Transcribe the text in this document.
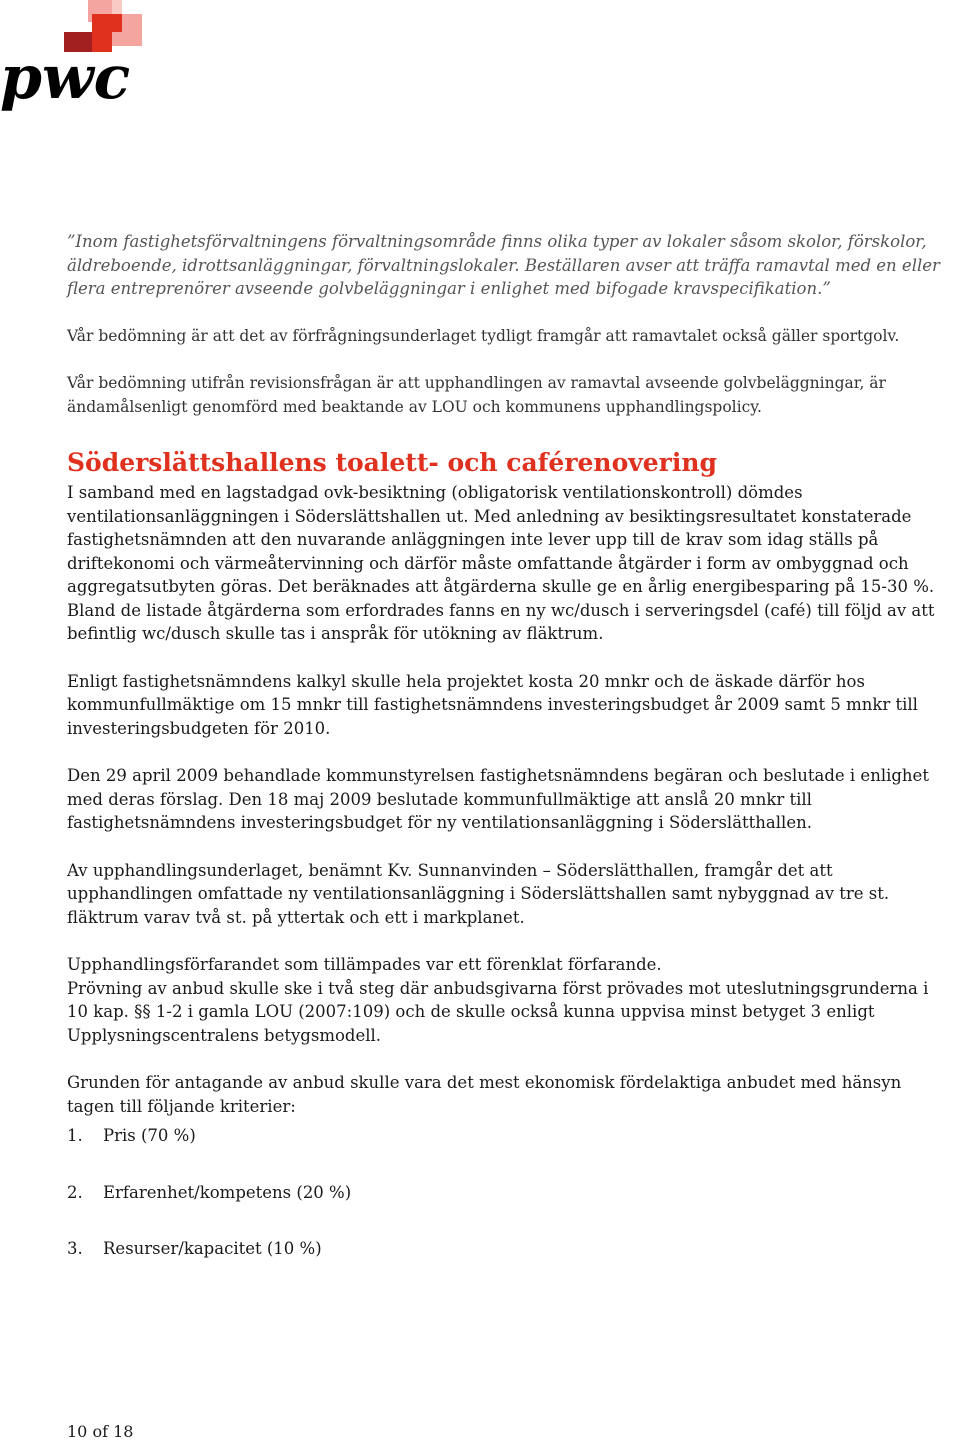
pwc

”Inom fastighetsförvaltningens förvaltningsområde finns olika typer av lokaler såsom skolor, förskolor, äldreboende, idrottsanläggningar, förvaltningslokaler. Beställaren avser att träffa ramavtal med en eller flera entreprenörer avseende golvbeläggningar i enlighet med bifogade kravspecifikation.”

Vår bedömning är att det av förfrågningsunderlaget tydligt framgår att ramavtalet också gäller sportgolv.

Vår bedömning utifrån revisionsfrågan är att upphandlingen av ramavtal avseende golvbeläggningar, är ändamålsenligt genomförd med beaktande av LOU och kommunens upphandlingspolicy.

Söderslättshallens toalett- och caférenovering

I samband med en lagstadgad ovk-besiktning (obligatorisk ventilationskontroll) dömdes ventilationsanläggningen i Söderslättshallen ut. Med anledning av besiktingsresultatet konstaterade fastighetsnämnden att den nuvarande anläggningen inte lever upp till de krav som idag ställs på driftekonomi och värmeåtervinning och därför måste omfattande åtgärder i form av ombyggnad och aggregatsutbyten göras. Det beräknades att åtgärderna skulle ge en årlig energibesparing på 15-30 %. Bland de listade åtgärderna som erfordrades fanns en ny wc/dusch i serveringsdel (café) till följd av att befintlig wc/dusch skulle tas i anspråk för utökning av fläktrum.

Enligt fastighetsnämndens kalkyl skulle hela projektet kosta 20 mnkr och de äskade därför hos kommunfullmäktige om 15 mnkr till fastighetsnämndens investeringsbudget år 2009 samt 5 mnkr till investeringsbudgeten för 2010.

Den 29 april 2009 behandlade kommunstyrelsen fastighetsnämndens begäran och beslutade i enlighet med deras förslag. Den 18 maj 2009 beslutade kommunfullmäktige att anslå 20 mnkr till fastighetsnämndens investeringsbudget för ny ventilationsanläggning i Söderslätthallen.

Av upphandlingsunderlaget, benämnt Kv. Sunnanvinden – Söderslätthallen, framgår det att upphandlingen omfattade ny ventilationsanläggning i Söderslättshallen samt nybyggnad av tre st. fläktrum varav två st. på yttertak och ett i markplanet.

Upphandlingsförfarandet som tillämpades var ett förenklat förfarande.

Prövning av anbud skulle ske i två steg där anbudsgivarna först prövades mot uteslutningsgrunderna i 10 kap. §§ 1-2 i gamla LOU (2007:109) och de skulle också kunna uppvisa minst betyget 3 enligt Upplysningscentralens betygsmodell.

Grunden för antagande av anbud skulle vara det mest ekonomisk fördelaktiga anbudet med hänsyn tagen till följande kriterier:

1.	Pris (70 %)
2.	Erfarenhet/kompetens (20 %)
3.	Resurser/kapacitet (10 %)
10 of 18
